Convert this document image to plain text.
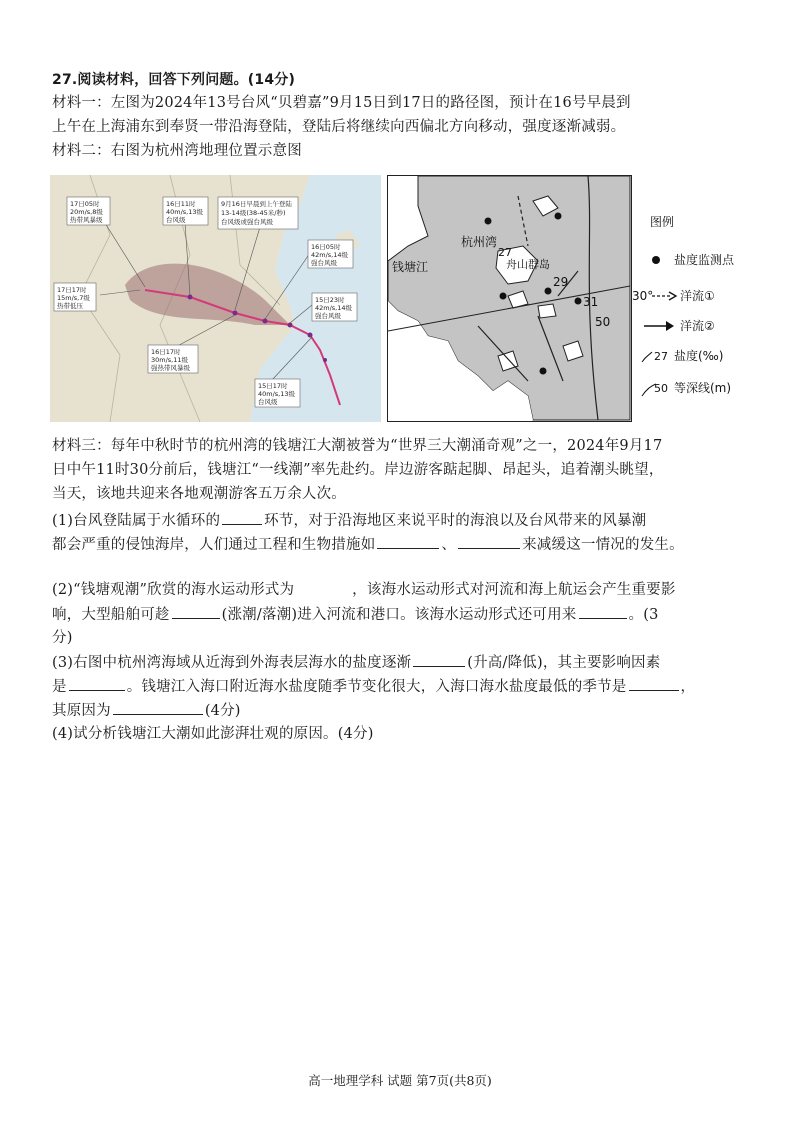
27.阅读材料，回答下列问题。(14分)
材料一：左图为2024年13号台风“贝碧嘉”9月15日到17日的路径图，预计在16号早晨到
上午在上海浦东到奉贤一带沿海登陆，登陆后将继续向西偏北方向移动，强度逐渐减弱。
材料二：右图为杭州湾地理位置示意图
17日05时
20m/s,8级
热带风暴级
16日11时
40m/s,13级
台风级
9月16日早晨到上午登陆
13-14级(38-45米/秒)
台风级或强台风级
16日05时
42m/s,14级
强台风级
17日17时
15m/s,7级
热带低压
15日23时
42m/s,14级
强台风级
16日17时
30m/s,11级
强热带风暴级
15日17时
40m/s,13级
台风级
杭州湾
钱塘江	舟山群岛
27
29
31
50
图例
盐度监测点
30° 洋流①
洋流②
27 盐度(‰)
50 等深线(m)
材料三：每年中秋时节的杭州湾的钱塘江大潮被誉为“世界三大潮涌奇观”之一，2024年9月17
日中午11时30分前后，钱塘江“一线潮”率先赴约。岸边游客踮起脚、昂起头，追着潮头眺望，
当天，该地共迎来各地观潮游客五万余人次。
(1)台风登陆属于水循环的	环节，对于沿海地区来说平时的海浪以及台风带来的风暴潮
都会严重的侵蚀海岸，人们通过工程和生物措施如	、	来减缓这一情况的发生。
(2)“钱塘观潮”欣赏的海水运动形式为	，该海水运动形式对河流和海上航运会产生重要影
响，大型船舶可趁	(涨潮/落潮)进入河流和港口。该海水运动形式还可用来	。(3
分)
(3)右图中杭州湾海域从近海到外海表层海水的盐度逐渐	(升高/降低)，其主要影响因素
是	。钱塘江入海口附近海水盐度随季节变化很大，入海口海水盐度最低的季节是	，
其原因为	(4分)
(4)试分析钱塘江大潮如此澎湃壮观的原因。(4分)
高一地理学科 试题 第7页(共8页)
